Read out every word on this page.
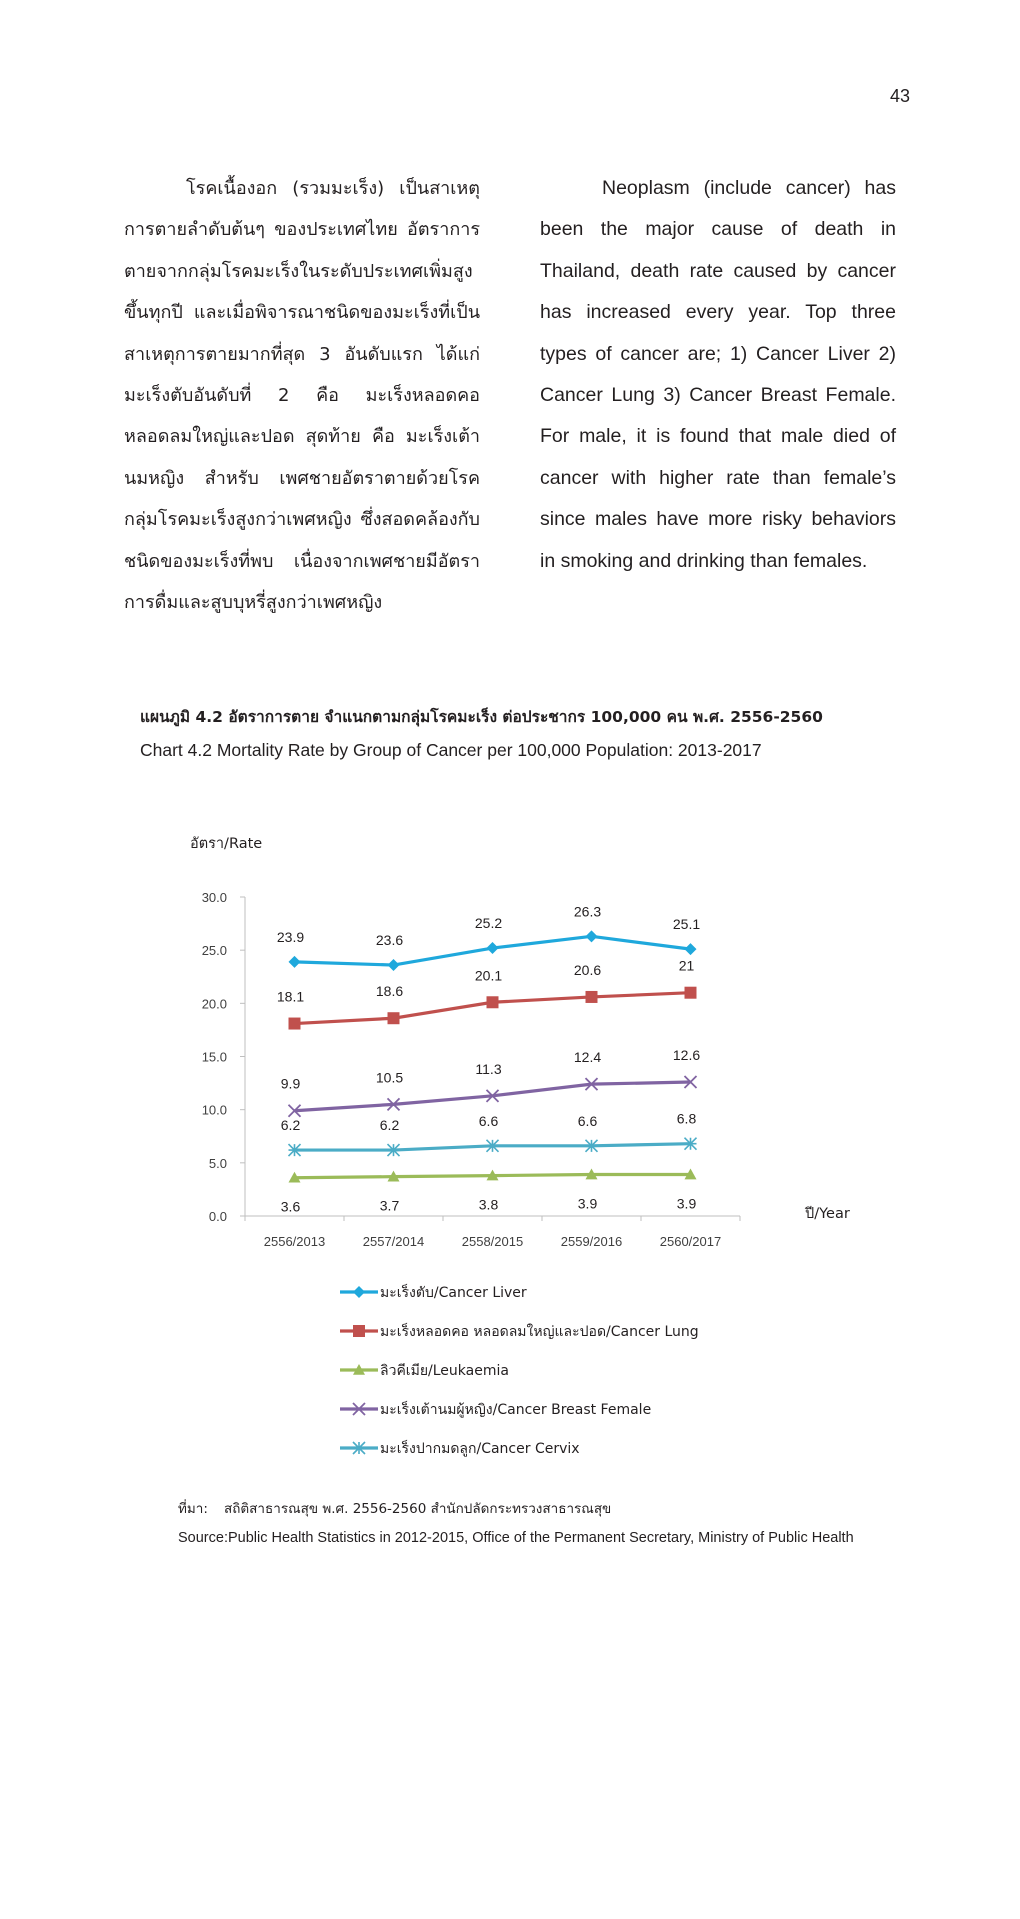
43
โรคเนื้องอก (รวมมะเร็ง) เป็นสาเหตุการตายลำดับต้นๆ ของประเทศไทย อัตราการตายจากกลุ่มโรคมะเร็งในระดับประเทศเพิ่มสูงขึ้นทุกปี และเมื่อพิจารณาชนิดของมะเร็งที่เป็นสาเหตุการตายมากที่สุด 3 อันดับแรก ได้แก่ มะเร็งตับอันดับที่ 2 คือ มะเร็งหลอดคอ หลอดลมใหญ่และปอด สุดท้าย คือ มะเร็งเต้านมหญิง สำหรับ เพศชายอัตราตายด้วยโรคกลุ่มโรคมะเร็งสูงกว่าเพศหญิง ซึ่งสอดคล้องกับชนิดของมะเร็งที่พบ เนื่องจากเพศชายมีอัตราการดื่มและสูบบุหรี่สูงกว่าเพศหญิง
Neoplasm (include cancer) has been the major cause of death in Thailand, death rate caused by cancer has increased every year. Top three types of cancer are; 1) Cancer Liver 2) Cancer Lung 3) Cancer Breast Female. For male, it is found that male died of cancer with higher rate than female’s since males have more risky behaviors in smoking and drinking than females.
แผนภูมิ 4.2 อัตราการตาย จำแนกตามกลุ่มโรคมะเร็ง ต่อประชากร 100,000 คน พ.ศ. 2556-2560
Chart 4.2 Mortality Rate by Group of Cancer per 100,000 Population: 2013-2017
อัตรา/Rate
ปี/Year
0.0
5.0
10.0
15.0
20.0
25.0
30.0
2556/2013	2557/2014	2558/2015	2559/2016	2560/2017
23.9	23.6
25.2
26.3
25.1
18.1	18.6
20.1	20.6	21
3.6	3.7	3.8	3.9	3.9
9.9	10.5
11.3
12.4	12.6
6.2	6.2	6.6	6.6	6.8
มะเร็งตับ/Cancer Liver
มะเร็งหลอดคอ หลอดลมใหญ่และปอด/Cancer Lung
ลิวคีเมีย/Leukaemia
มะเร็งเต้านมผู้หญิง/Cancer Breast Female
มะเร็งปากมดลูก/Cancer Cervix
ที่มา: สถิติสาธารณสุข พ.ศ. 2556-2560 สำนักปลัดกระทรวงสาธารณสุข
Source:Public Health Statistics in 2012-2015, Office of the Permanent Secretary, Ministry of Public Health
